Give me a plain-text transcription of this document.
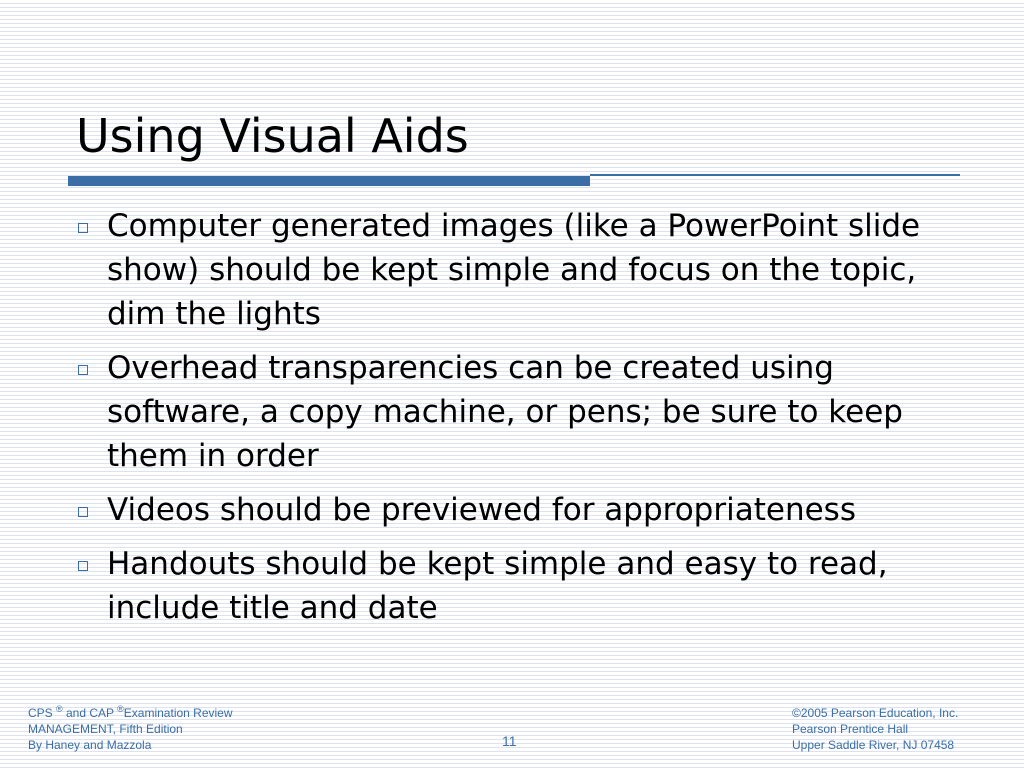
Using Visual Aids
Computer generated images (like a PowerPoint slide show) should be kept simple and focus on the topic, dim the lights
Overhead transparencies can be created using software, a copy machine, or pens; be sure to keep them in order
Videos should be previewed for appropriateness
Handouts should be kept simple and easy to read, include title and date
CPS ® and CAP ®Examination Review
MANAGEMENT, Fifth Edition
By Haney and Mazzola	11
©2005 Pearson Education, Inc.
Pearson Prentice Hall
Upper Saddle River, NJ 07458
